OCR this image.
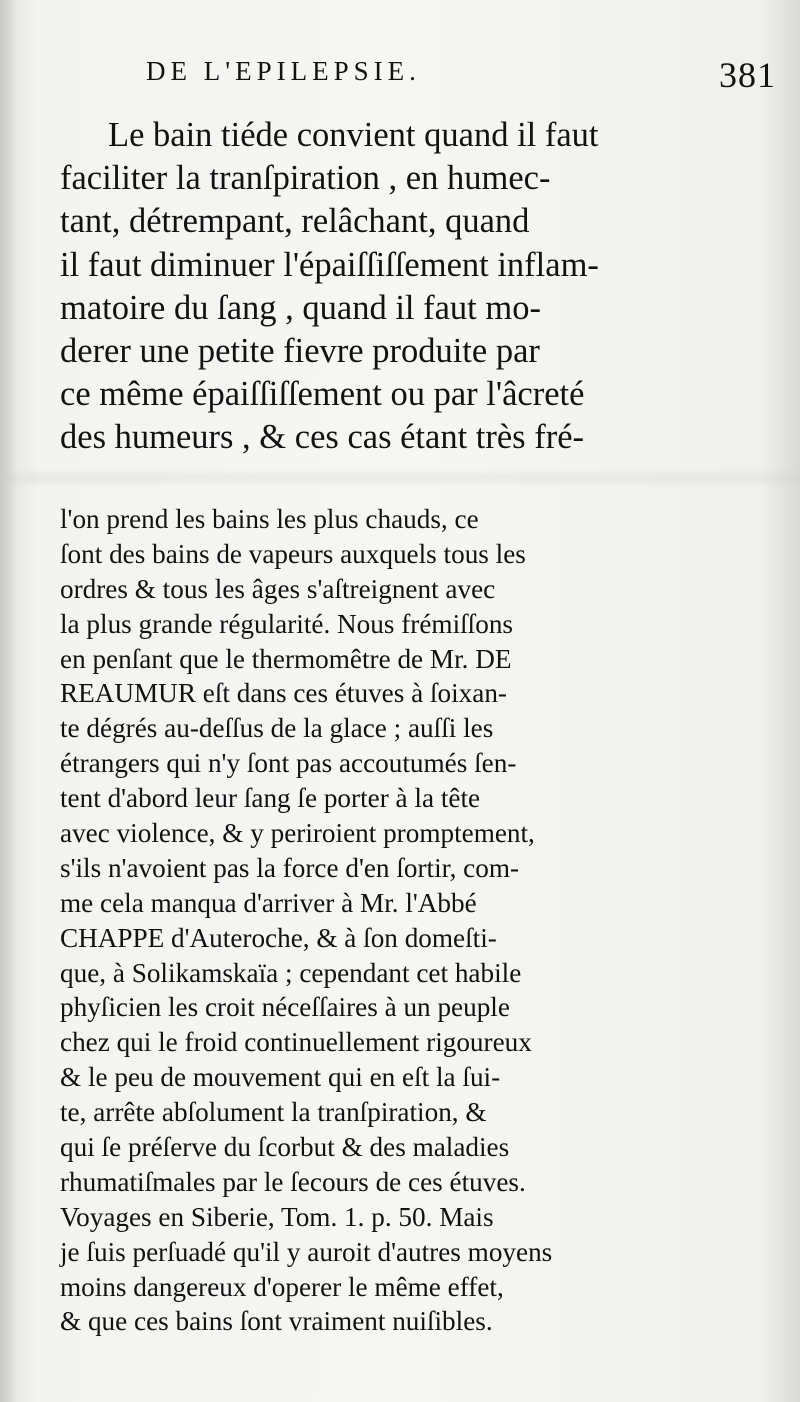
DE L'EPILEPSIE.	381
Le bain tiéde convient quand il faut
faciliter la tranſpiration , en humec-
tant, détrempant, relâchant, quand
il faut diminuer l'épaiſſiſſement inflam-
matoire du ſang , quand il faut mo-
derer une petite fievre produite par
ce même épaiſſiſſement ou par l'âcreté
des humeurs , & ces cas étant très fré-
l'on prend les bains les plus chauds, ce
ſont des bains de vapeurs auxquels tous les
ordres & tous les âges s'aſtreignent avec
la plus grande régularité. Nous frémiſſons
en penſant que le thermomêtre de Mr. DE
REAUMUR eſt dans ces étuves à ſoixan-
te dégrés au-deſſus de la glace ; auſſi les
étrangers qui n'y ſont pas accoutumés ſen-
tent d'abord leur ſang ſe porter à la tête
avec violence, & y periroient promptement,
s'ils n'avoient pas la force d'en ſortir, com-
me cela manqua d'arriver à Mr. l'Abbé
CHAPPE d'Auteroche, & à ſon domeſti-
que, à Solikamskaïa ; cependant cet habile
phyſicien les croit néceſſaires à un peuple
chez qui le froid continuellement rigoureux
& le peu de mouvement qui en eſt la ſui-
te, arrête abſolument la tranſpiration, &
qui ſe préſerve du ſcorbut & des maladies
rhumatiſmales par le ſecours de ces étuves.
Voyages en Siberie, Tom. 1. p. 50. Mais
je ſuis perſuadé qu'il y auroit d'autres moyens
moins dangereux d'operer le même effet,
& que ces bains ſont vraiment nuiſibles.
